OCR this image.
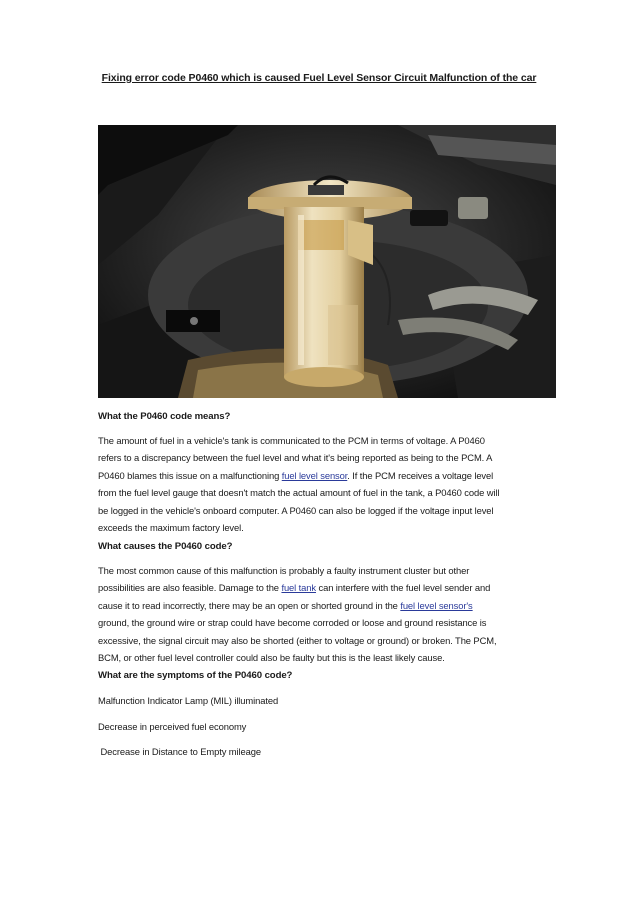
Fixing error code P0460 which is caused Fuel Level Sensor Circuit Malfunction of the car
What the P0460 code means?
The amount of fuel in a vehicle's tank is communicated to the PCM in terms of voltage. A P0460
refers to a discrepancy between the fuel level and what it's being reported as being to the PCM. A
P0460 blames this issue on a malfunctioning fuel level sensor. If the PCM receives a voltage level
from the fuel level gauge that doesn't match the actual amount of fuel in the tank, a P0460 code will
be logged in the vehicle's onboard computer. A P0460 can also be logged if the voltage input level
exceeds the maximum factory level.
What causes the P0460 code?
The most common cause of this malfunction is probably a faulty instrument cluster but other
possibilities are also feasible. Damage to the fuel tank can interfere with the fuel level sender and
cause it to read incorrectly, there may be an open or shorted ground in the fuel level sensor's
ground, the ground wire or strap could have become corroded or loose and ground resistance is
excessive, the signal circuit may also be shorted (either to voltage or ground) or broken. The PCM,
BCM, or other fuel level controller could also be faulty but this is the least likely cause.
What are the symptoms of the P0460 code?
Malfunction Indicator Lamp (MIL) illuminated
Decrease in perceived fuel economy
Decrease in Distance to Empty mileage
